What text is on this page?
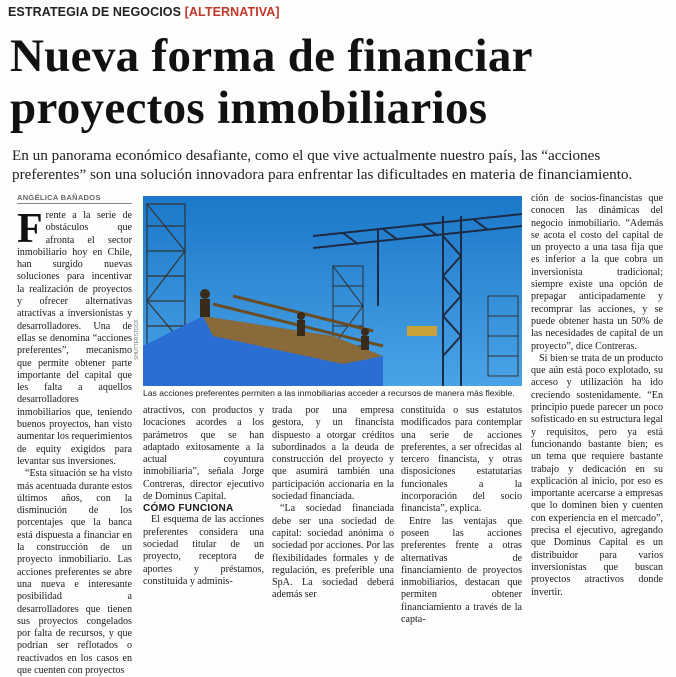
ESTRATEGIA DE NEGOCIOS [ALTERNATIVA]
Nueva forma de financiar proyectos inmobiliarios
En un panorama económico desafiante, como el que vive actualmente nuestro país, las “acciones preferentes” son una solución innovadora para enfrentar las dificultades en materia de financiamiento.
ANGÉLICA BAÑADOS

Frente a la serie de obstáculos que afronta el sector inmobiliario hoy en Chile, han surgido nuevas soluciones para incentivar la realización de proyectos y ofrecer alternativas atractivas a inversionistas y desarrolladores. Una de ellas se denomina “acciones preferentes”, mecanismo que permite obtener parte importante del capital que les falta a aquellos desarrolladores inmobiliarios que, teniendo buenos proyectos, han visto aumentar los requerimientos de equity exigidos para levantar sus inversiones.

“Esta situación se ha visto más acentuada durante estos últimos años, con la disminución de los porcentajes que la banca está dispuesta a financiar en la construcción de un proyecto inmobiliario. Las acciones preferentes se abre una nueva e interesante posibilidad a desarrolladores que tienen sus proyectos congelados por falta de recursos, y que podrían ser reflotados o reactivados en los casos en que cuenten con proyectos

SHUTTERSTOCK
Las acciones preferentes permiten a las inmobiliarias acceder a recursos de manera más flexible.

atractivos, con productos y locaciones acordes a los parámetros que se han adaptado exitosamente a la actual coyuntura inmobiliaria”, señala Jorge Contreras, director ejecutivo de Dominus Capital.

CÓMO FUNCIONA

El esquema de las acciones preferentes considera una sociedad titular de un proyecto, receptora de aportes y préstamos, constituida y adminis-

trada por una empresa gestora, y un financista dispuesto a otorgar créditos subordinados a la deuda de construcción del proyecto y que asumirá también una participación accionaria en la sociedad financiada.

“La sociedad financiada debe ser una sociedad de capital: sociedad anónima o sociedad por acciones. Por las flexibilidades formales y de regulación, es preferible una SpA. La sociedad deberá además ser

constituida o sus estatutos modificados para contemplar una serie de acciones preferentes, a ser ofrecidas al tercero financista, y otras disposiciones estatutarias funcionales a la incorporación del socio financista”, explica.

Entre las ventajas que poseen las acciones preferentes frente a otras alternativas de financiamiento de proyectos inmobiliarios, destacan que permiten obtener financiamiento a través de la capta-

ción de socios-financistas que conocen las dinámicas del negocio inmobiliario. “Además se acota el costo del capital de un proyecto a una tasa fija que es inferior a la que cobra un inversionista tradicional; siempre existe una opción de prepagar anticipadamente y recomprar las acciones, y se puede obtener hasta un 50% de las necesidades de capital de un proyecto”, dice Contreras.

Si bien se trata de un producto que aún está poco explotado, su acceso y utilización ha ido creciendo sostenidamente. “En principio puede parecer un poco sofisticado en su estructura legal y requisitos, pero ya está funcionando bastante bien; es un tema que requiere bastante trabajo y dedicación en su explicación al inicio, por eso es importante acercarse a empresas que lo dominen bien y cuenten con experiencia en el mercado”, precisa el ejecutivo, agregando que Dominus Capital es un distribuidor para varios inversionistas que buscan proyectos atractivos donde invertir.
